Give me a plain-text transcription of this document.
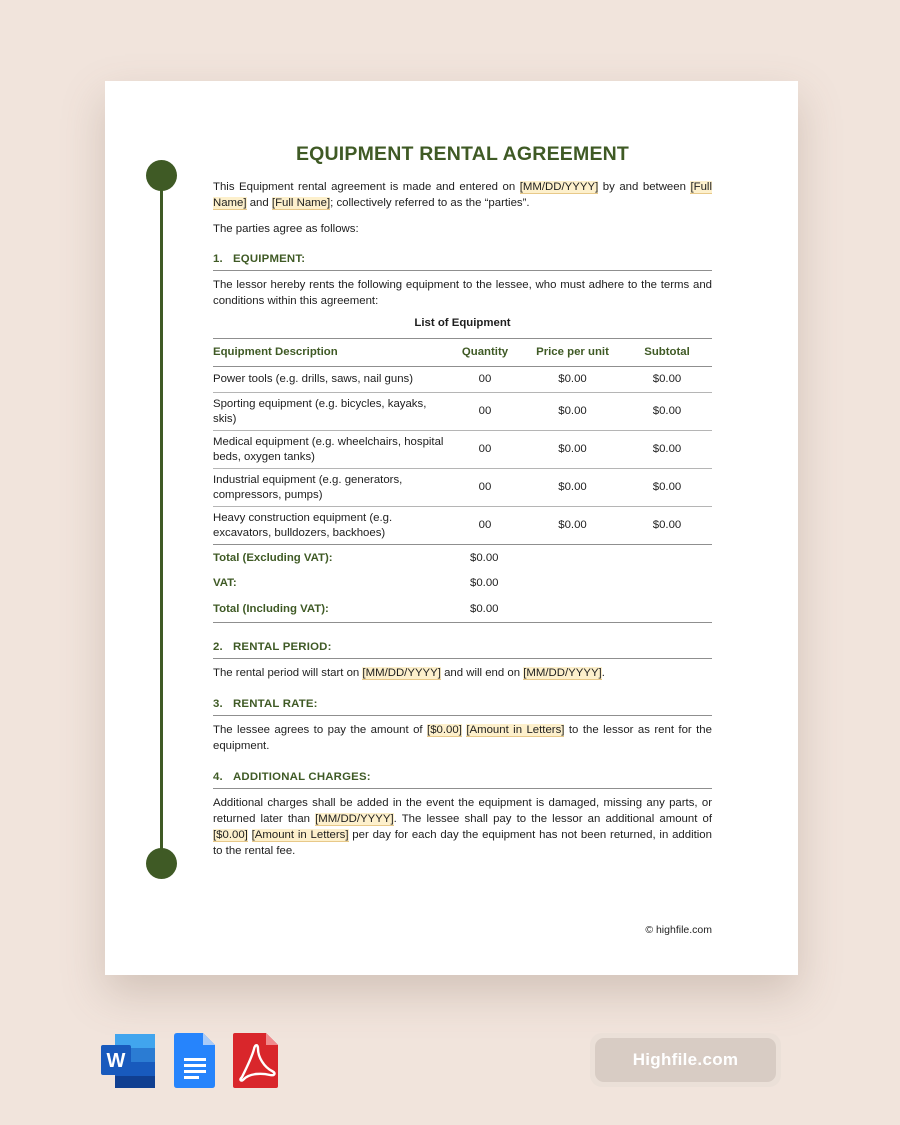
EQUIPMENT RENTAL AGREEMENT
This Equipment rental agreement is made and entered on [MM/DD/YYYY] by and between [Full Name] and [Full Name]; collectively referred to as the “parties”.
The parties agree as follows:
1. EQUIPMENT:
The lessor hereby rents the following equipment to the lessee, who must adhere to the terms and conditions within this agreement:
List of Equipment
Equipment Description	Quantity	Price per unit	Subtotal
Power tools (e.g. drills, saws, nail guns)	00	$0.00	$0.00
Sporting equipment (e.g. bicycles, kayaks, skis)	00	$0.00	$0.00
Medical equipment (e.g. wheelchairs, hospital beds, oxygen tanks)	00	$0.00	$0.00
Industrial equipment (e.g. generators, compressors, pumps)	00	$0.00	$0.00
Heavy construction equipment (e.g. excavators, bulldozers, backhoes)	00	$0.00	$0.00
Total (Excluding VAT):	$0.00		
VAT:	$0.00		
Total (Including VAT):	$0.00		
2. RENTAL PERIOD:
The rental period will start on [MM/DD/YYYY] and will end on [MM/DD/YYYY].
3. RENTAL RATE:
The lessee agrees to pay the amount of [$0.00] [Amount in Letters] to the lessor as rent for the equipment.
4. ADDITIONAL CHARGES:
Additional charges shall be added in the event the equipment is damaged, missing any parts, or returned later than [MM/DD/YYYY]. The lessee shall pay to the lessor an additional amount of [$0.00] [Amount in Letters] per day for each day the equipment has not been returned, in addition to the rental fee.
© highfile.com
W	Highfile.com
